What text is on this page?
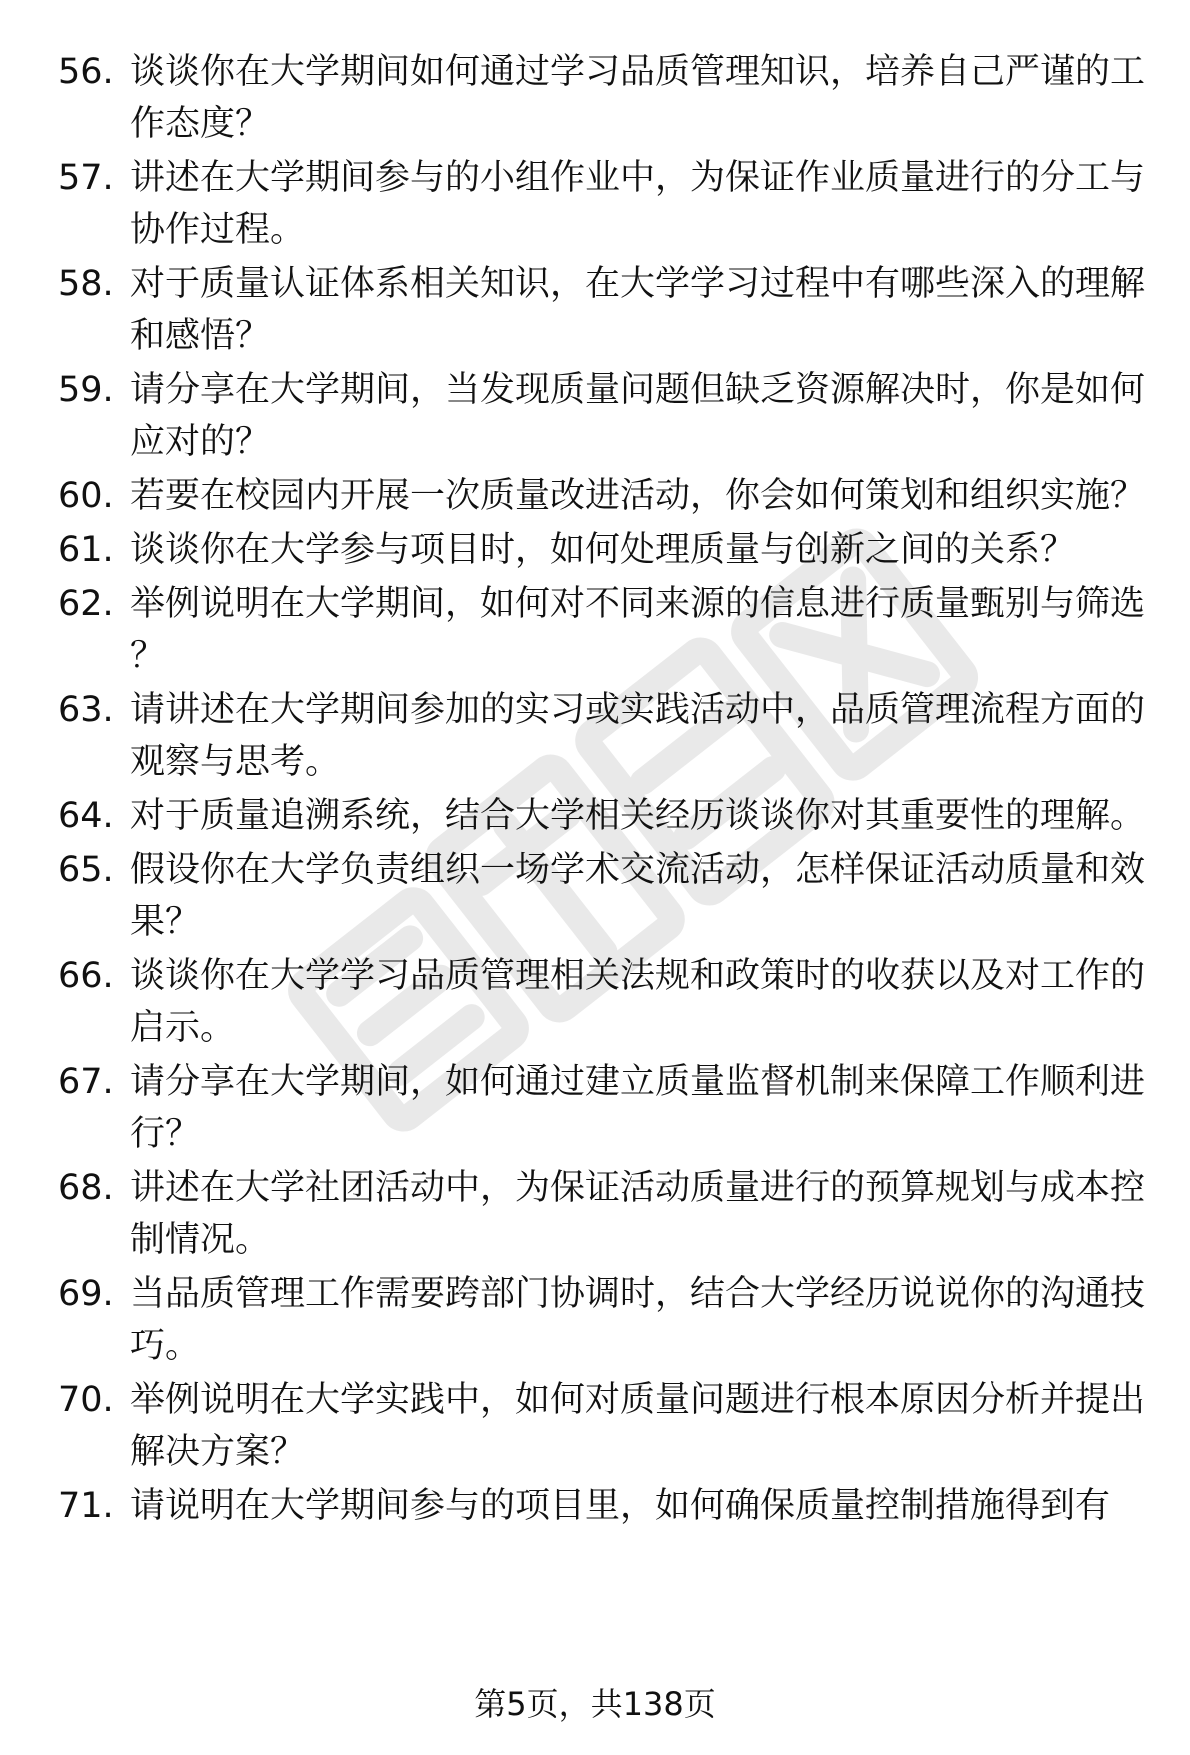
56. 谈谈你在大学期间如何通过学习品质管理知识，培养自己严谨的工作态度？
57. 讲述在大学期间参与的小组作业中，为保证作业质量进行的分工与协作过程。
58. 对于质量认证体系相关知识，在大学学习过程中有哪些深入的理解和感悟？
59. 请分享在大学期间，当发现质量问题但缺乏资源解决时，你是如何应对的？
60. 若要在校园内开展一次质量改进活动，你会如何策划和组织实施？
61. 谈谈你在大学参与项目时，如何处理质量与创新之间的关系？
62. 举例说明在大学期间，如何对不同来源的信息进行质量甄别与筛选？
63. 请讲述在大学期间参加的实习或实践活动中，品质管理流程方面的观察与思考。
64. 对于质量追溯系统，结合大学相关经历谈谈你对其重要性的理解。
65. 假设你在大学负责组织一场学术交流活动，怎样保证活动质量和效果？
66. 谈谈你在大学学习品质管理相关法规和政策时的收获以及对工作的启示。
67. 请分享在大学期间，如何通过建立质量监督机制来保障工作顺利进行？
68. 讲述在大学社团活动中，为保证活动质量进行的预算规划与成本控制情况。
69. 当品质管理工作需要跨部门协调时，结合大学经历说说你的沟通技巧。
70. 举例说明在大学实践中，如何对质量问题进行根本原因分析并提出解决方案？
71. 请说明在大学期间参与的项目里，如何确保质量控制措施得到有
第5页，共138页
